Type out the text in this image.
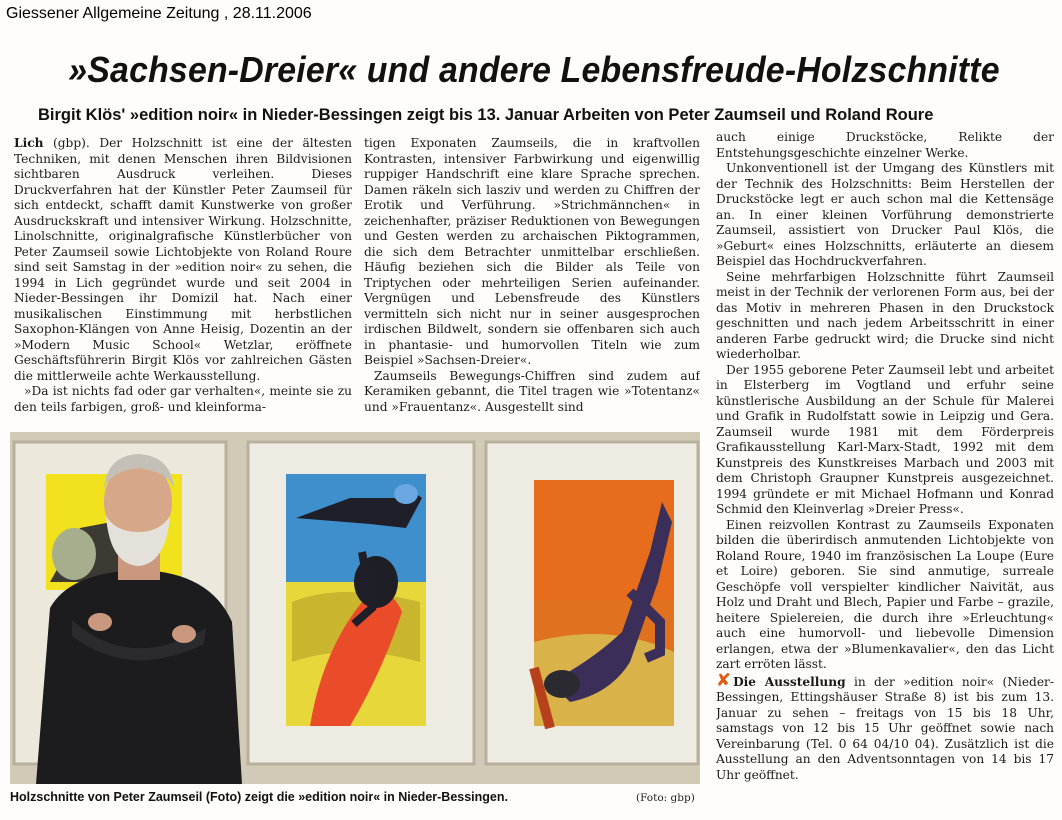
Giessener Allgemeine Zeitung , 28.11.2006
»Sachsen-Dreier« und andere Lebensfreude-Holzschnitte
Birgit Klös' »edition noir« in Nieder-Bessingen zeigt bis 13. Januar Arbeiten von Peter Zaumseil und Roland Roure

Lich (gbp). Der Holzschnitt ist eine der ältesten Techniken, mit denen Menschen ihren Bildvisionen sichtbaren Ausdruck verleihen. Dieses Druckverfahren hat der Künstler Peter Zaumseil für sich entdeckt, schafft damit Kunstwerke von großer Ausdruckskraft und intensiver Wirkung. Holzschnitte, Linolschnitte, originalgrafische Künstlerbücher von Peter Zaumseil sowie Lichtobjekte von Roland Roure sind seit Samstag in der »edition noir« zu sehen, die 1994 in Lich gegründet wurde und seit 2004 in Nieder-Bessingen ihr Domizil hat. Nach einer musikalischen Einstimmung mit herbstlichen Saxophon-Klängen von Anne Heisig, Dozentin an der »Modern Music School« Wetzlar, eröffnete Geschäftsführerin Birgit Klös vor zahlreichen Gästen die mittlerweile achte Werkausstellung.

»Da ist nichts fad oder gar verhalten«, meinte sie zu den teils farbigen, groß- und kleinforma-

tigen Exponaten Zaumseils, die in kraftvollen Kontrasten, intensiver Farbwirkung und eigenwillig ruppiger Handschrift eine klare Sprache sprechen. Damen räkeln sich lasziv und werden zu Chiffren der Erotik und Verführung. »Strichmännchen« in zeichenhafter, präziser Reduktionen von Bewegungen und Gesten werden zu archaischen Piktogrammen, die sich dem Betrachter unmittelbar erschließen. Häufig beziehen sich die Bilder als Teile von Triptychen oder mehrteiligen Serien aufeinander. Vergnügen und Lebensfreude des Künstlers vermitteln sich nicht nur in seiner ausgesprochen irdischen Bildwelt, sondern sie offenbaren sich auch in phantasie- und humorvollen Titeln wie zum Beispiel »Sachsen-Dreier«.

Zaumseils Bewegungs-Chiffren sind zudem auf Keramiken gebannt, die Titel tragen wie »Totentanz« und »Frauentanz«. Ausgestellt sind

auch einige Druckstöcke, Relikte der Entstehungsgeschichte einzelner Werke.

Unkonventionell ist der Umgang des Künstlers mit der Technik des Holzschnitts: Beim Herstellen der Druckstöcke legt er auch schon mal die Kettensäge an. In einer kleinen Vorführung demonstrierte Zaumseil, assistiert von Drucker Paul Klös, die »Geburt« eines Holzschnitts, erläuterte an diesem Beispiel das Hochdruckverfahren.

Seine mehrfarbigen Holzschnitte führt Zaumseil meist in der Technik der verlorenen Form aus, bei der das Motiv in mehreren Phasen in den Druckstock geschnitten und nach jedem Arbeitsschritt in einer anderen Farbe gedruckt wird; die Drucke sind nicht wiederholbar.

Der 1955 geborene Peter Zaumseil lebt und arbeitet in Elsterberg im Vogtland und erfuhr seine künstlerische Ausbildung an der Schule für Malerei und Grafik in Rudolfstatt sowie in Leipzig und Gera. Zaumseil wurde 1981 mit dem Förderpreis Grafikausstellung Karl-Marx-Stadt, 1992 mit dem Kunstpreis des Kunstkreises Marbach und 2003 mit dem Christoph Graupner Kunstpreis ausgezeichnet. 1994 gründete er mit Michael Hofmann und Konrad Schmid den Kleinverlag »Dreier Press«.

Einen reizvollen Kontrast zu Zaumseils Exponaten bilden die überirdisch anmutenden Lichtobjekte von Roland Roure, 1940 im französischen La Loupe (Eure et Loire) geboren. Sie sind anmutige, surreale Geschöpfe voll verspielter kindlicher Naivität, aus Holz und Draht und Blech, Papier und Farbe – grazile, heitere Spielereien, die durch ihre »Erleuchtung« auch eine humorvoll- und liebevolle Dimension erlangen, etwa der »Blumenkavalier«, den das Licht zart erröten lässt.

✘ Die Ausstellung in der »edition noir« (Nieder-Bessingen, Ettingshäuser Straße 8) ist bis zum 13. Januar zu sehen – freitags von 15 bis 18 Uhr, samstags von 12 bis 15 Uhr geöffnet sowie nach Vereinbarung (Tel. 0 64 04/10 04). Zusätzlich ist die Ausstellung an den Adventsonntagen von 14 bis 17 Uhr geöffnet.

Holzschnitte von Peter Zaumseil (Foto) zeigt die »edition noir« in Nieder-Bessingen.	(Foto: gbp)
